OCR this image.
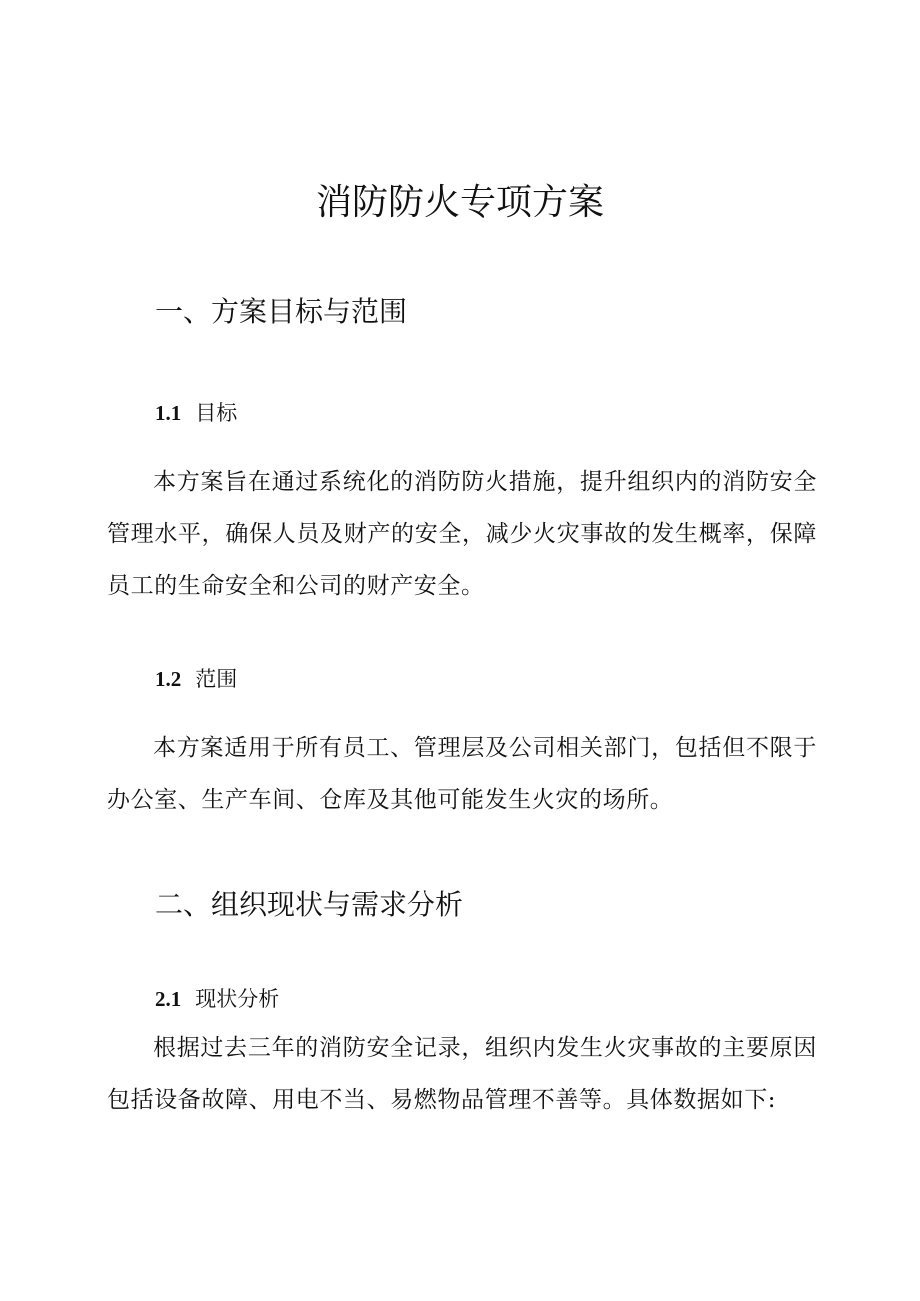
消防防火专项方案
一、方案目标与范围
1.1 目标

本方案旨在通过系统化的消防防火措施，提升组织内的消防安全管理水平，确保人员及财产的安全，减少火灾事故的发生概率，保障员工的生命安全和公司的财产安全。

1.2 范围

本方案适用于所有员工、管理层及公司相关部门，包括但不限于办公室、生产车间、仓库及其他可能发生火灾的场所。

二、组织现状与需求分析
2.1 现状分析

根据过去三年的消防安全记录，组织内发生火灾事故的主要原因包括设备故障、用电不当、易燃物品管理不善等。具体数据如下:
